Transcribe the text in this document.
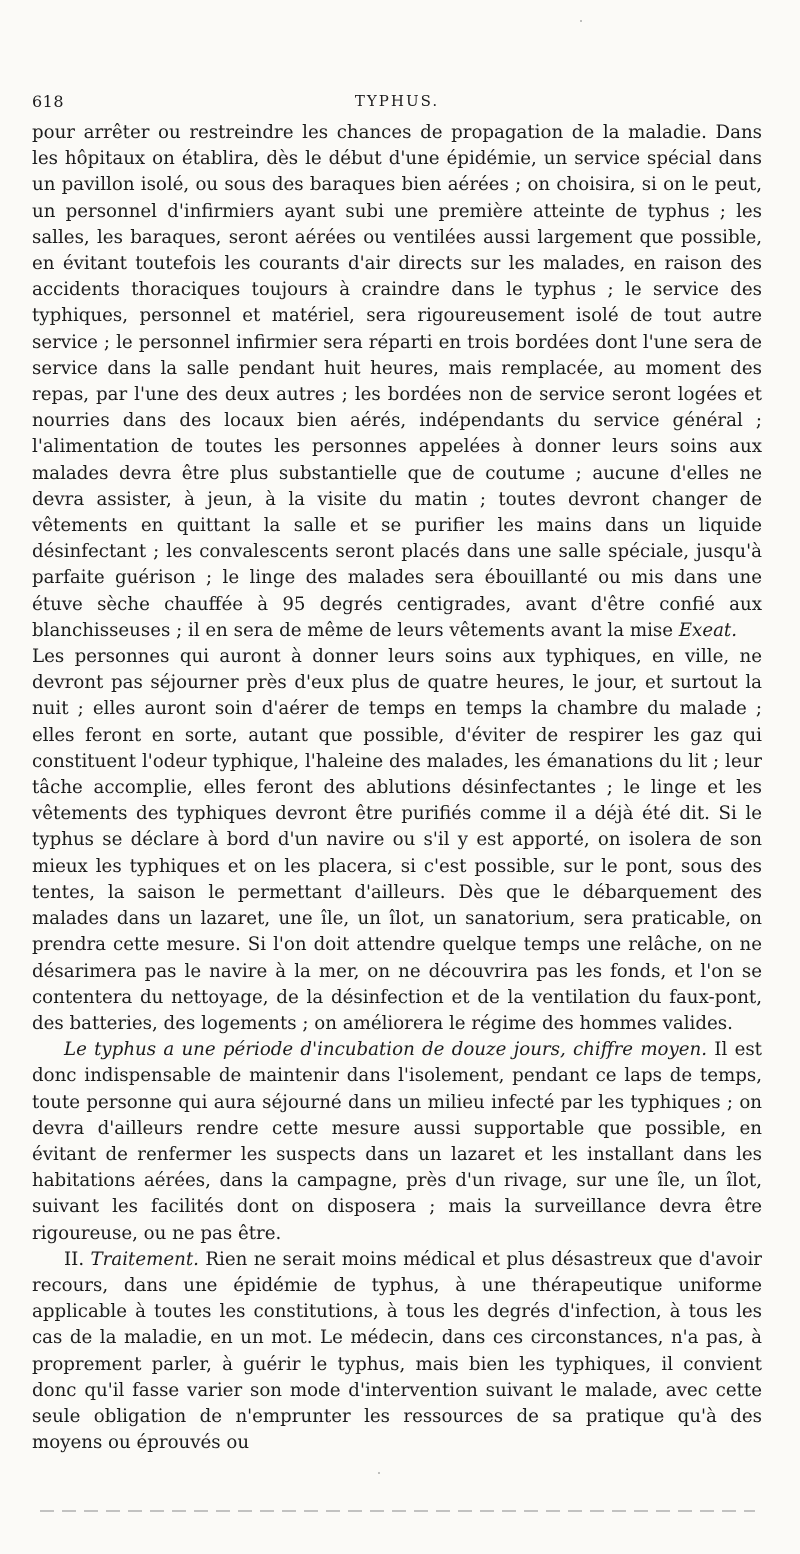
618	TYPHUS.

pour arrêter ou restreindre les chances de propagation de la maladie. Dans les hôpitaux on établira, dès le début d'une épidémie, un service spécial dans un pavillon isolé, ou sous des baraques bien aérées ; on choisira, si on le peut, un personnel d'infirmiers ayant subi une première atteinte de typhus ; les salles, les baraques, seront aérées ou ventilées aussi largement que possible, en évitant toutefois les courants d'air directs sur les malades, en raison des accidents thoraciques toujours à craindre dans le typhus ; le service des typhiques, personnel et matériel, sera rigoureusement isolé de tout autre service ; le personnel infirmier sera réparti en trois bordées dont l'une sera de service dans la salle pendant huit heures, mais remplacée, au moment des repas, par l'une des deux autres ; les bordées non de service seront logées et nourries dans des locaux bien aérés, indépendants du service général ; l'alimentation de toutes les personnes appelées à donner leurs soins aux malades devra être plus substantielle que de coutume ; aucune d'elles ne devra assister, à jeun, à la visite du matin ; toutes devront changer de vêtements en quittant la salle et se purifier les mains dans un liquide désinfectant ; les convalescents seront placés dans une salle spéciale, jusqu'à parfaite guérison ; le linge des malades sera ébouillanté ou mis dans une étuve sèche chauffée à 95 degrés centigrades, avant d'être confié aux blanchisseuses ; il en sera de même de leurs vêtements avant la mise Exeat.

Les personnes qui auront à donner leurs soins aux typhiques, en ville, ne devront pas séjourner près d'eux plus de quatre heures, le jour, et surtout la nuit ; elles auront soin d'aérer de temps en temps la chambre du malade ; elles feront en sorte, autant que possible, d'éviter de respirer les gaz qui constituent l'odeur typhique, l'haleine des malades, les émanations du lit ; leur tâche accomplie, elles feront des ablutions désinfectantes ; le linge et les vêtements des typhiques devront être purifiés comme il a déjà été dit. Si le typhus se déclare à bord d'un navire ou s'il y est apporté, on isolera de son mieux les typhiques et on les placera, si c'est possible, sur le pont, sous des tentes, la saison le permettant d'ailleurs. Dès que le débarquement des malades dans un lazaret, une île, un îlot, un sanatorium, sera praticable, on prendra cette mesure. Si l'on doit attendre quelque temps une relâche, on ne désarimera pas le navire à la mer, on ne découvrira pas les fonds, et l'on se contentera du nettoyage, de la désinfection et de la ventilation du faux-pont, des batteries, des logements ; on améliorera le régime des hommes valides.

Le typhus a une période d'incubation de douze jours, chiffre moyen. Il est donc indispensable de maintenir dans l'isolement, pendant ce laps de temps, toute personne qui aura séjourné dans un milieu infecté par les typhiques ; on devra d'ailleurs rendre cette mesure aussi supportable que possible, en évitant de renfermer les suspects dans un lazaret et les installant dans les habitations aérées, dans la campagne, près d'un rivage, sur une île, un îlot, suivant les facilités dont on disposera ; mais la surveillance devra être rigoureuse, ou ne pas être.

II. Traitement. Rien ne serait moins médical et plus désastreux que d'avoir recours, dans une épidémie de typhus, à une thérapeutique uniforme applicable à toutes les constitutions, à tous les degrés d'infection, à tous les cas de la maladie, en un mot. Le médecin, dans ces circonstances, n'a pas, à proprement parler, à guérir le typhus, mais bien les typhiques, il convient donc qu'il fasse varier son mode d'intervention suivant le malade, avec cette seule obligation de n'emprunter les ressources de sa pratique qu'à des moyens ou éprouvés ou
